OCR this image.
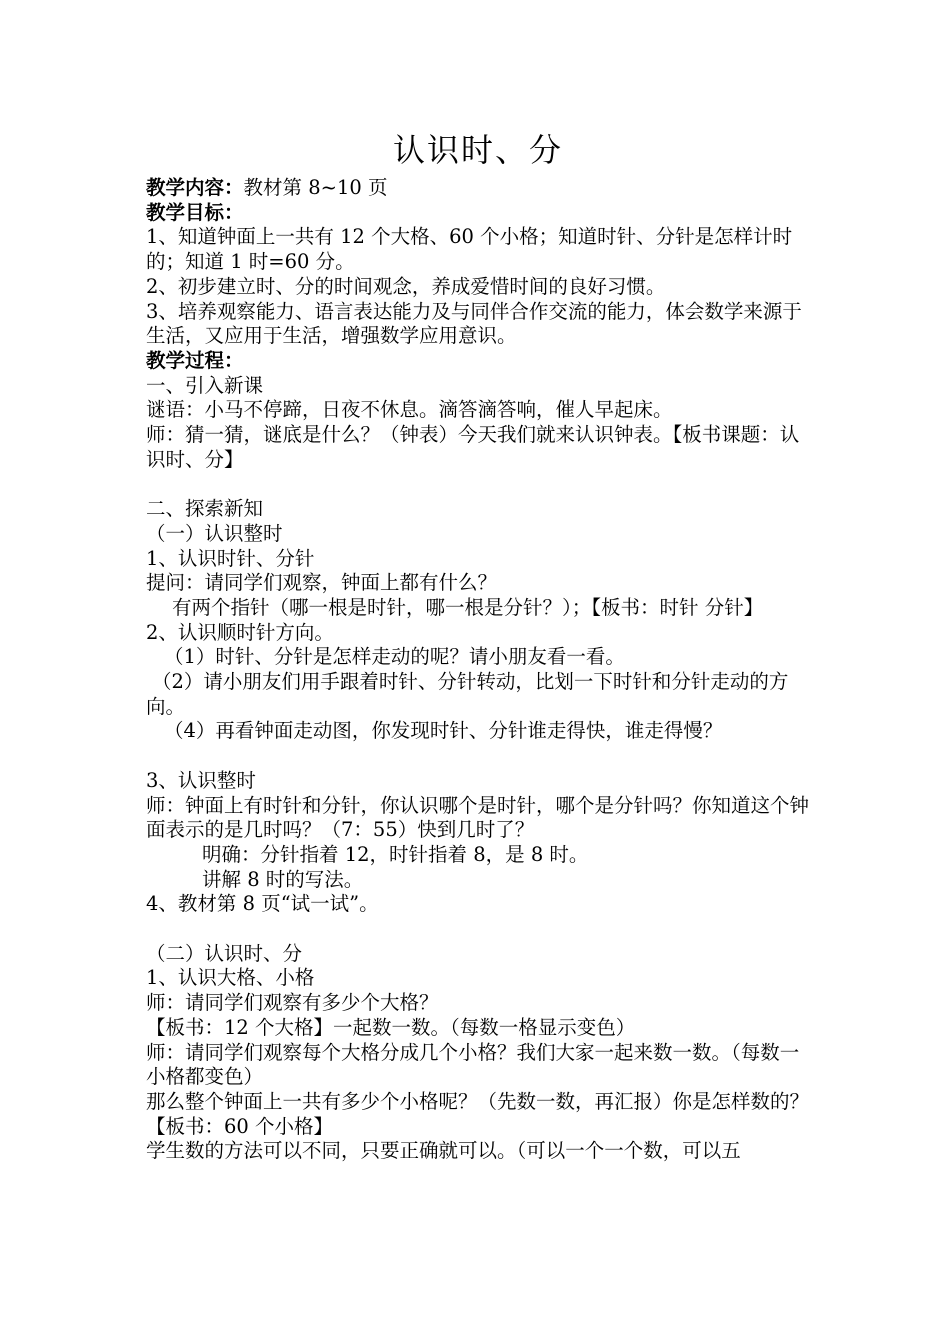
认识时、分

教学内容：教材第 8~10 页

教学目标：

1、知道钟面上一共有 12 个大格、60 个小格；知道时针、分针是怎样计时的；知道 1 时=60 分。

2、初步建立时、分的时间观念，养成爱惜时间的良好习惯。

3、培养观察能力、语言表达能力及与同伴合作交流的能力，体会数学来源于生活，又应用于生活，增强数学应用意识。

教学过程：

一、引入新课

谜语：小马不停蹄，日夜不休息。滴答滴答响，催人早起床。

师：猜一猜，谜底是什么？（钟表）今天我们就来认识钟表。【板书课题：认识时、分】

二、探索新知

（一）认识整时

1、认识时针、分针

提问：请同学们观察，钟面上都有什么？

有两个指针（哪一根是时针，哪一根是分针？）；【板书：时针 分针】

2、认识顺时针方向。

（1）时针、分针是怎样走动的呢？请小朋友看一看。

（2）请小朋友们用手跟着时针、分针转动，比划一下时针和分针走动的方向。

（4）再看钟面走动图，你发现时针、分针谁走得快，谁走得慢？

3、认识整时

师：钟面上有时针和分针，你认识哪个是时针，哪个是分针吗？你知道这个钟面表示的是几时吗？（7：55）快到几时了？

明确：分针指着 12，时针指着 8，是 8 时。

讲解 8 时的写法。

4、教材第 8 页“试一试”。

（二）认识时、分

1、认识大格、小格

师：请同学们观察有多少个大格？

【板书：12 个大格】一起数一数。（每数一格显示变色）

师：请同学们观察每个大格分成几个小格？我们大家一起来数一数。（每数一小格都变色）

那么整个钟面上一共有多少个小格呢？（先数一数，再汇报）你是怎样数的？

【板书：60 个小格】

学生数的方法可以不同，只要正确就可以。（可以一个一个数，可以五
